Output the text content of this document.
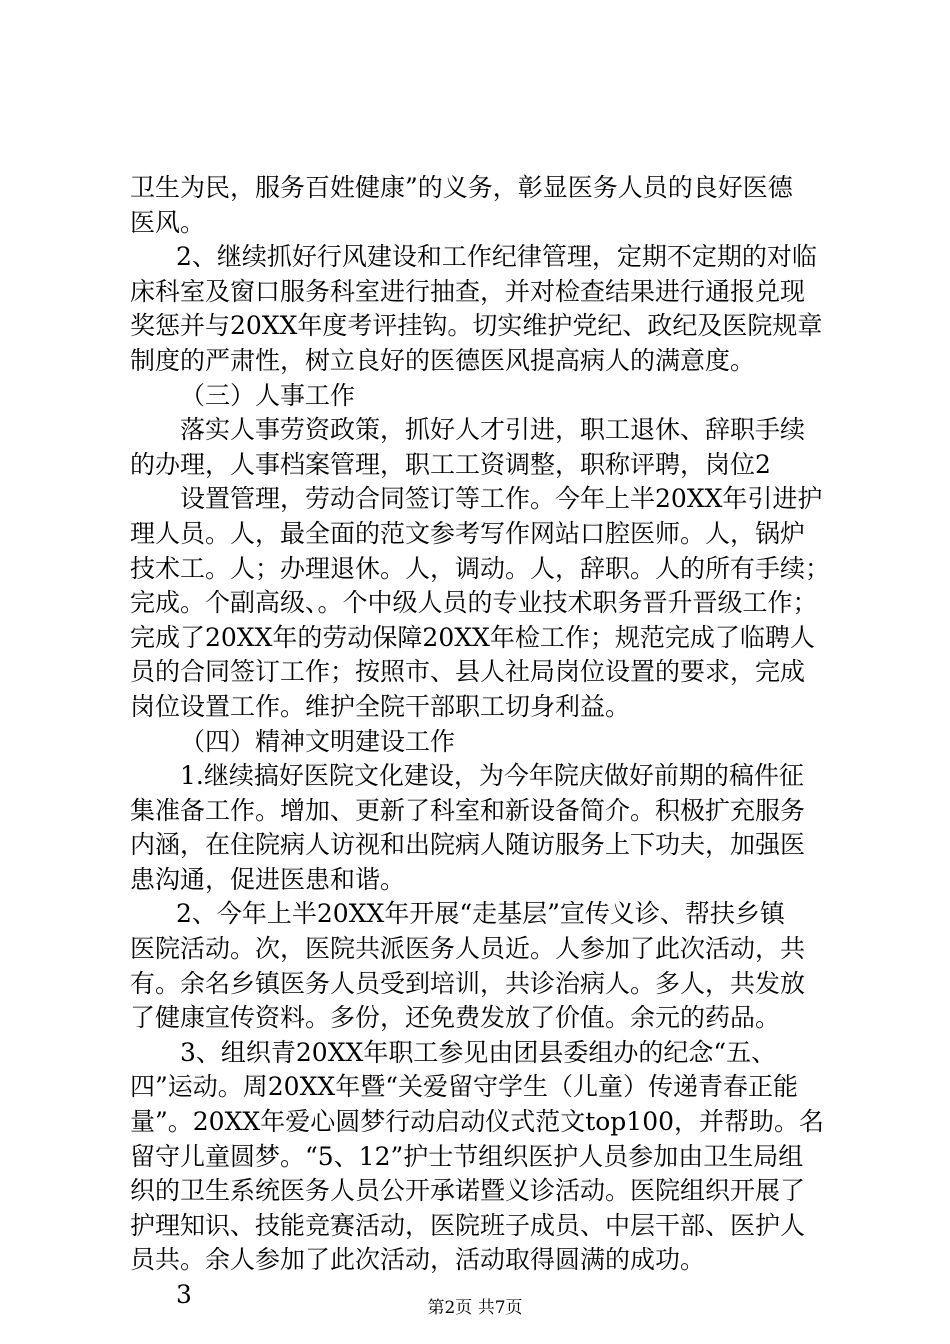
卫生为民，服务百姓健康”的义务，彰显医务人员的良好医德
医风。
2、继续抓好行风建设和工作纪律管理，定期不定期的对临
床科室及窗口服务科室进行抽查，并对检查结果进行通报兑现
奖惩并与20XX年度考评挂钩。切实维护党纪、政纪及医院规章
制度的严肃性，树立良好的医德医风提高病人的满意度。
（三）人事工作
落实人事劳资政策，抓好人才引进，职工退休、辞职手续
的办理，人事档案管理，职工工资调整，职称评聘，岗位2
设置管理，劳动合同签订等工作。今年上半20XX年引进护
理人员。人，最全面的范文参考写作网站口腔医师。人，锅炉
技术工。人；办理退休。人，调动。人，辞职。人的所有手续；
完成。个副高级、。个中级人员的专业技术职务晋升晋级工作；
完成了20XX年的劳动保障20XX年检工作；规范完成了临聘人
员的合同签订工作；按照市、县人社局岗位设置的要求，完成
岗位设置工作。维护全院干部职工切身利益。
（四）精神文明建设工作
1.继续搞好医院文化建设，为今年院庆做好前期的稿件征
集准备工作。增加、更新了科室和新设备简介。积极扩充服务
内涵，在住院病人访视和出院病人随访服务上下功夫，加强医
患沟通，促进医患和谐。
2、今年上半20XX年开展“走基层”宣传义诊、帮扶乡镇
医院活动。次，医院共派医务人员近。人参加了此次活动，共
有。余名乡镇医务人员受到培训，共诊治病人。多人，共发放
了健康宣传资料。多份，还免费发放了价值。余元的药品。
3、组织青20XX年职工参见由团县委组办的纪念“五、
四”运动。周20XX年暨“关爱留守学生（儿童）传递青春正能
量”。20XX年爱心圆梦行动启动仪式范文top100，并帮助。名
留守儿童圆梦。“5、12”护士节组织医护人员参加由卫生局组
织的卫生系统医务人员公开承诺暨义诊活动。医院组织开展了
护理知识、技能竞赛活动，医院班子成员、中层干部、医护人
员共。余人参加了此次活动，活动取得圆满的成功。
3	第2页 共7页
